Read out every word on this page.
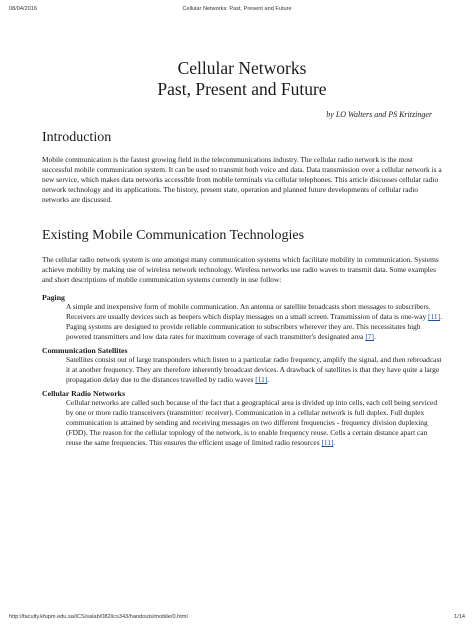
08/04/2016	Cellular Networks: Past, Present and Future
Cellular Networks
Past, Present and Future
by LO Walters and PS Kritzinger
Introduction

Mobile communication is the fastest growing field in the telecommunications industry. The cellular radio network is the most successful mobile communication system. It can be used to transmit both voice and data. Data transmission over a cellular network is a new service, which makes data networks accessible from mobile terminals via cellular telephones. This article discusses cellular radio network technology and its applications. The history, present state, operation and planned future developments of cellular radio networks are discussed.

Existing Mobile Communication Technologies

The cellular radio network system is one amongst many communication systems which facilitate mobility in communication. Systems achieve mobility by making use of wireless network technology. Wireless networks use radio waves to transmit data. Some examples and short descriptions of mobile communication systems currently in use follow:

Paging

A simple and inexpensive form of mobile communication. An antenna or satellite broadcasts short messages to subscribers. Receivers are usually devices such as beepers which display messages on a small screen. Transmission of data is one-way [11]. Paging systems are designed to provide reliable communication to subscribers wherever they are. This necessitates high powered transmitters and low data rates for maximum coverage of each transmitter's designated area [7].

Communication Satellites

Satellites consist out of large transponders which listen to a particular radio frequency, amplify the signal, and then rebroadcast it at another frequency. They are therefore inherently broadcast devices. A drawback of satellites is that they have quite a large propagation delay due to the distances travelled by radio waves [11].

Cellular Radio Networks

Cellular networks are called such because of the fact that a geographical area is divided up into cells, each cell being serviced by one or more radio transceivers (transmitter/ receiver). Communication in a cellular network is full duplex. Full duplex communication is attained by sending and receiving messages on two different frequencies - frequency division duplexing (FDD). The reason for the cellular topology of the network, is to enable frequency reuse. Cells a certain distance apart can reuse the same frequencies. This ensures the efficient usage of limited radio resources [11].

http://faculty.kfupm.edu.sa/ICS/salah/082/ics343/handouts/mobile/0.html	1/14
